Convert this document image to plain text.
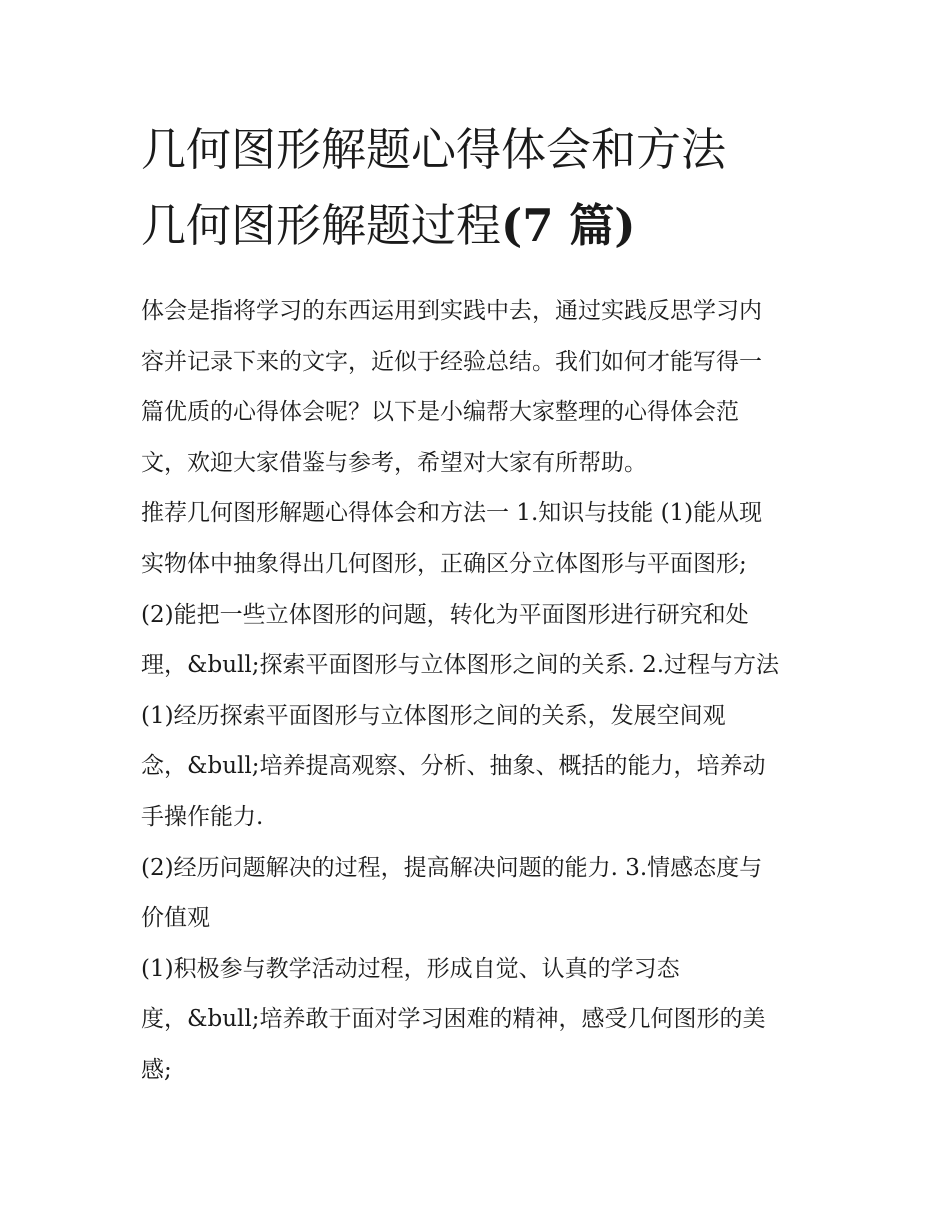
几何图形解题心得体会和方法
几何图形解题过程(7 篇)

体会是指将学习的东西运用到实践中去，通过实践反思学习内
容并记录下来的文字，近似于经验总结。我们如何才能写得一
篇优质的心得体会呢？以下是小编帮大家整理的心得体会范
文，欢迎大家借鉴与参考，希望对大家有所帮助。

推荐几何图形解题心得体会和方法一 1.知识与技能 (1)能从现
实物体中抽象得出几何图形，正确区分立体图形与平面图形;
(2)能把一些立体图形的问题，转化为平面图形进行研究和处
理，&bull;探索平面图形与立体图形之间的关系. 2.过程与方法
(1)经历探索平面图形与立体图形之间的关系，发展空间观
念，&bull;培养提高观察、分析、抽象、概括的能力，培养动
手操作能力.

(2)经历问题解决的过程，提高解决问题的能力. 3.情感态度与
价值观

(1)积极参与教学活动过程，形成自觉、认真的学习态
度，&bull;培养敢于面对学习困难的精神，感受几何图形的美
感;
